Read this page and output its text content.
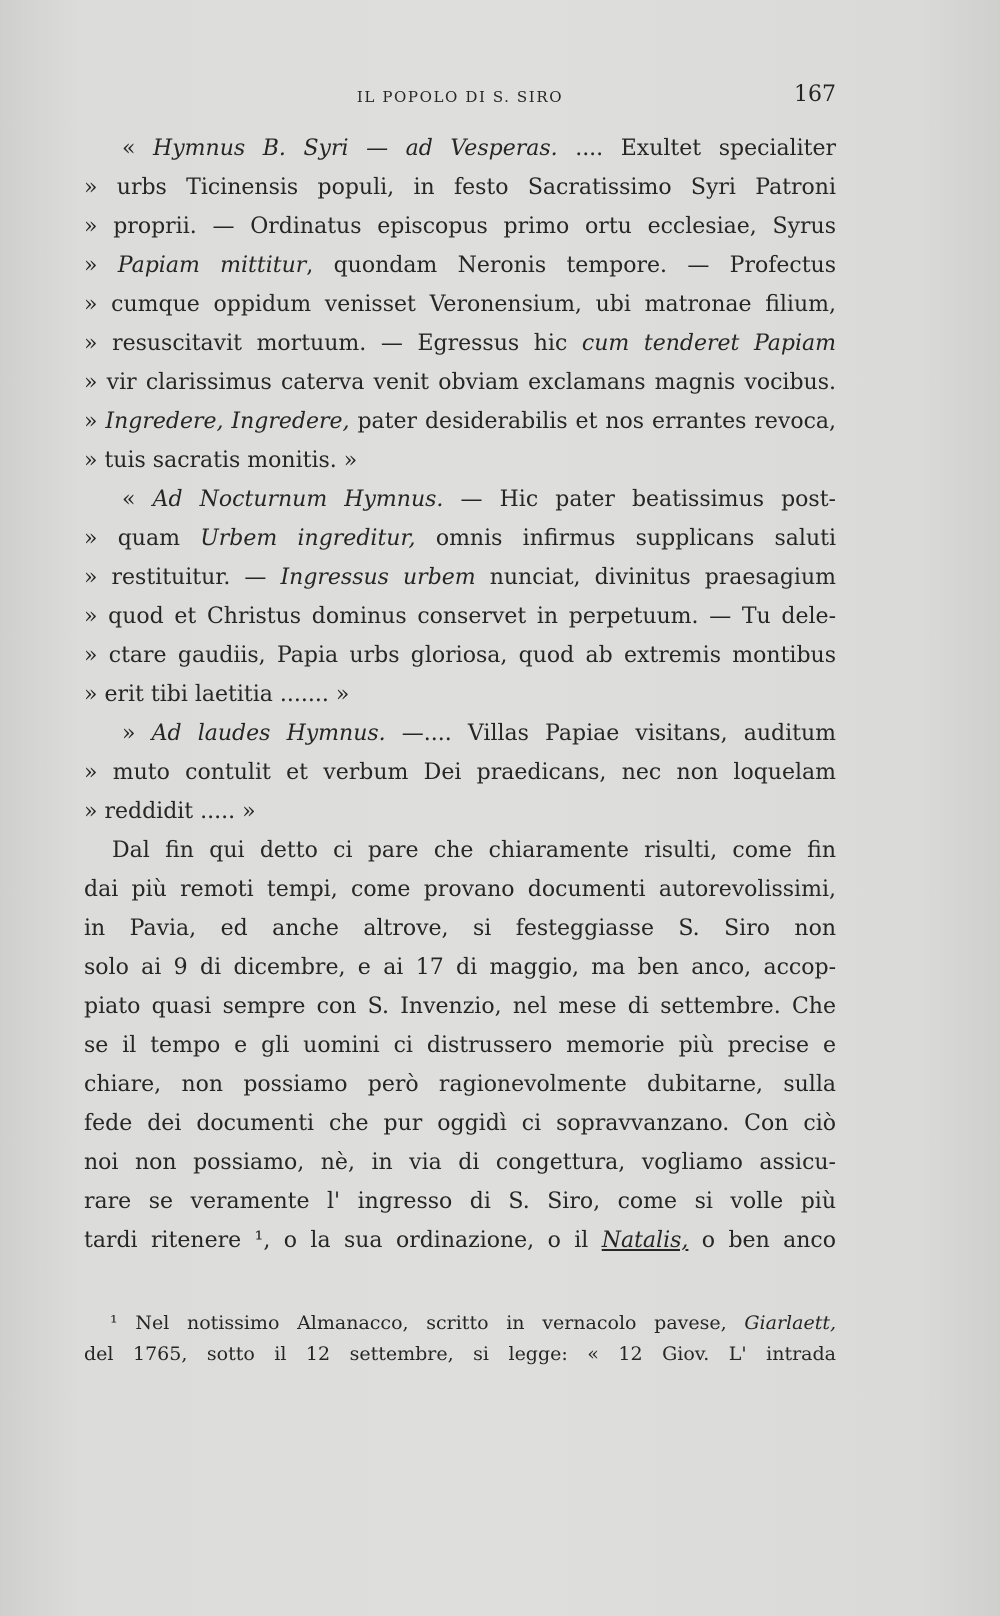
IL POPOLO DI S. SIRO	167
« Hymnus B. Syri — ad Vesperas. .... Exultet specialiter
» urbs Ticinensis populi, in festo Sacratissimo Syri Patroni
» proprii. — Ordinatus episcopus primo ortu ecclesiae, Syrus
» Papiam mittitur, quondam Neronis tempore. — Profectus
» cumque oppidum venisset Veronensium, ubi matronae filium,
» resuscitavit mortuum. — Egressus hic cum tenderet Papiam
» vir clarissimus caterva venit obviam exclamans magnis vocibus.
» Ingredere, Ingredere, pater desiderabilis et nos errantes revoca,
» tuis sacratis monitis. »
« Ad Nocturnum Hymnus. — Hic pater beatissimus post-
» quam Urbem ingreditur, omnis infirmus supplicans saluti
» restituitur. — Ingressus urbem nunciat, divinitus praesagium
» quod et Christus dominus conservet in perpetuum. — Tu dele-
» ctare gaudiis, Papia urbs gloriosa, quod ab extremis montibus
» erit tibi laetitia ....... »
» Ad laudes Hymnus. —.... Villas Papiae visitans, auditum
» muto contulit et verbum Dei praedicans, nec non loquelam
» reddidit ..... »
Dal fin qui detto ci pare che chiaramente risulti, come fin
dai più remoti tempi, come provano documenti autorevolissimi,
in Pavia, ed anche altrove, si festeggiasse S. Siro non
solo ai 9 di dicembre, e ai 17 di maggio, ma ben anco, accop-
piato quasi sempre con S. Invenzio, nel mese di settembre. Che
se il tempo e gli uomini ci distrussero memorie più precise e
chiare, non possiamo però ragionevolmente dubitarne, sulla
fede dei documenti che pur oggidì ci sopravvanzano. Con ciò
noi non possiamo, nè, in via di congettura, vogliamo assicu-
rare se veramente l' ingresso di S. Siro, come si volle più
tardi ritenere ¹, o la sua ordinazione, o il Natalis, o ben anco
¹ Nel notissimo Almanacco, scritto in vernacolo pavese, Giarlaett,
del 1765, sotto il 12 settembre, si legge: « 12 Giov. L' intrada
